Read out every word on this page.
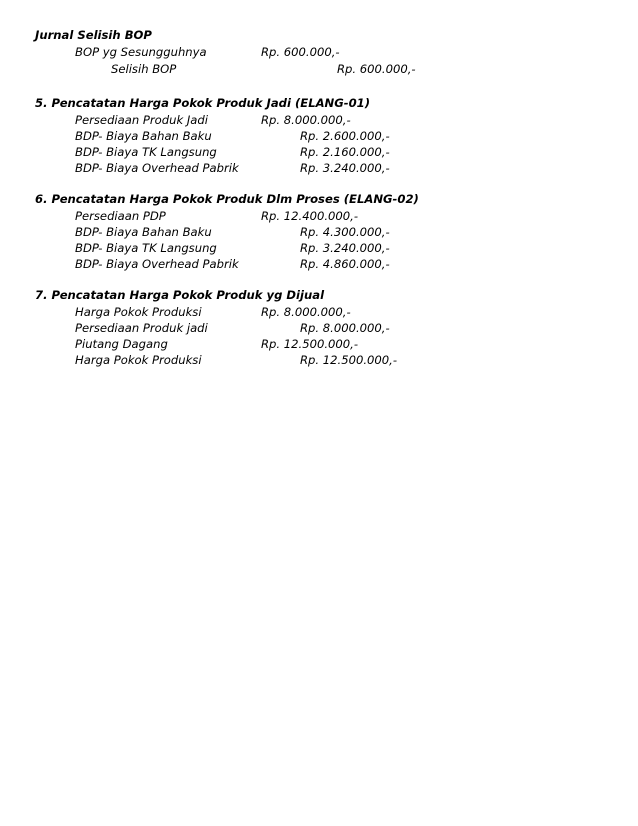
Jurnal Selisih BOP
BOP yg Sesungguhnya	Rp. 600.000,-
Selisih BOP	Rp. 600.000,-
5. Pencatatan Harga Pokok Produk Jadi (ELANG-01)
Persediaan Produk Jadi	Rp. 8.000.000,-
BDP- Biaya Bahan Baku	Rp. 2.600.000,-
BDP- Biaya TK Langsung	Rp. 2.160.000,-
BDP- Biaya Overhead Pabrik	Rp. 3.240.000,-
6. Pencatatan Harga Pokok Produk Dlm Proses (ELANG-02)
Persediaan PDP	Rp. 12.400.000,-
BDP- Biaya Bahan Baku	Rp. 4.300.000,-
BDP- Biaya TK Langsung	Rp. 3.240.000,-
BDP- Biaya Overhead Pabrik	Rp. 4.860.000,-
7. Pencatatan Harga Pokok Produk yg Dijual
Harga Pokok Produksi	Rp. 8.000.000,-
Persediaan Produk jadi	Rp. 8.000.000,-
Piutang Dagang	Rp. 12.500.000,-
Harga Pokok Produksi	Rp. 12.500.000,-
